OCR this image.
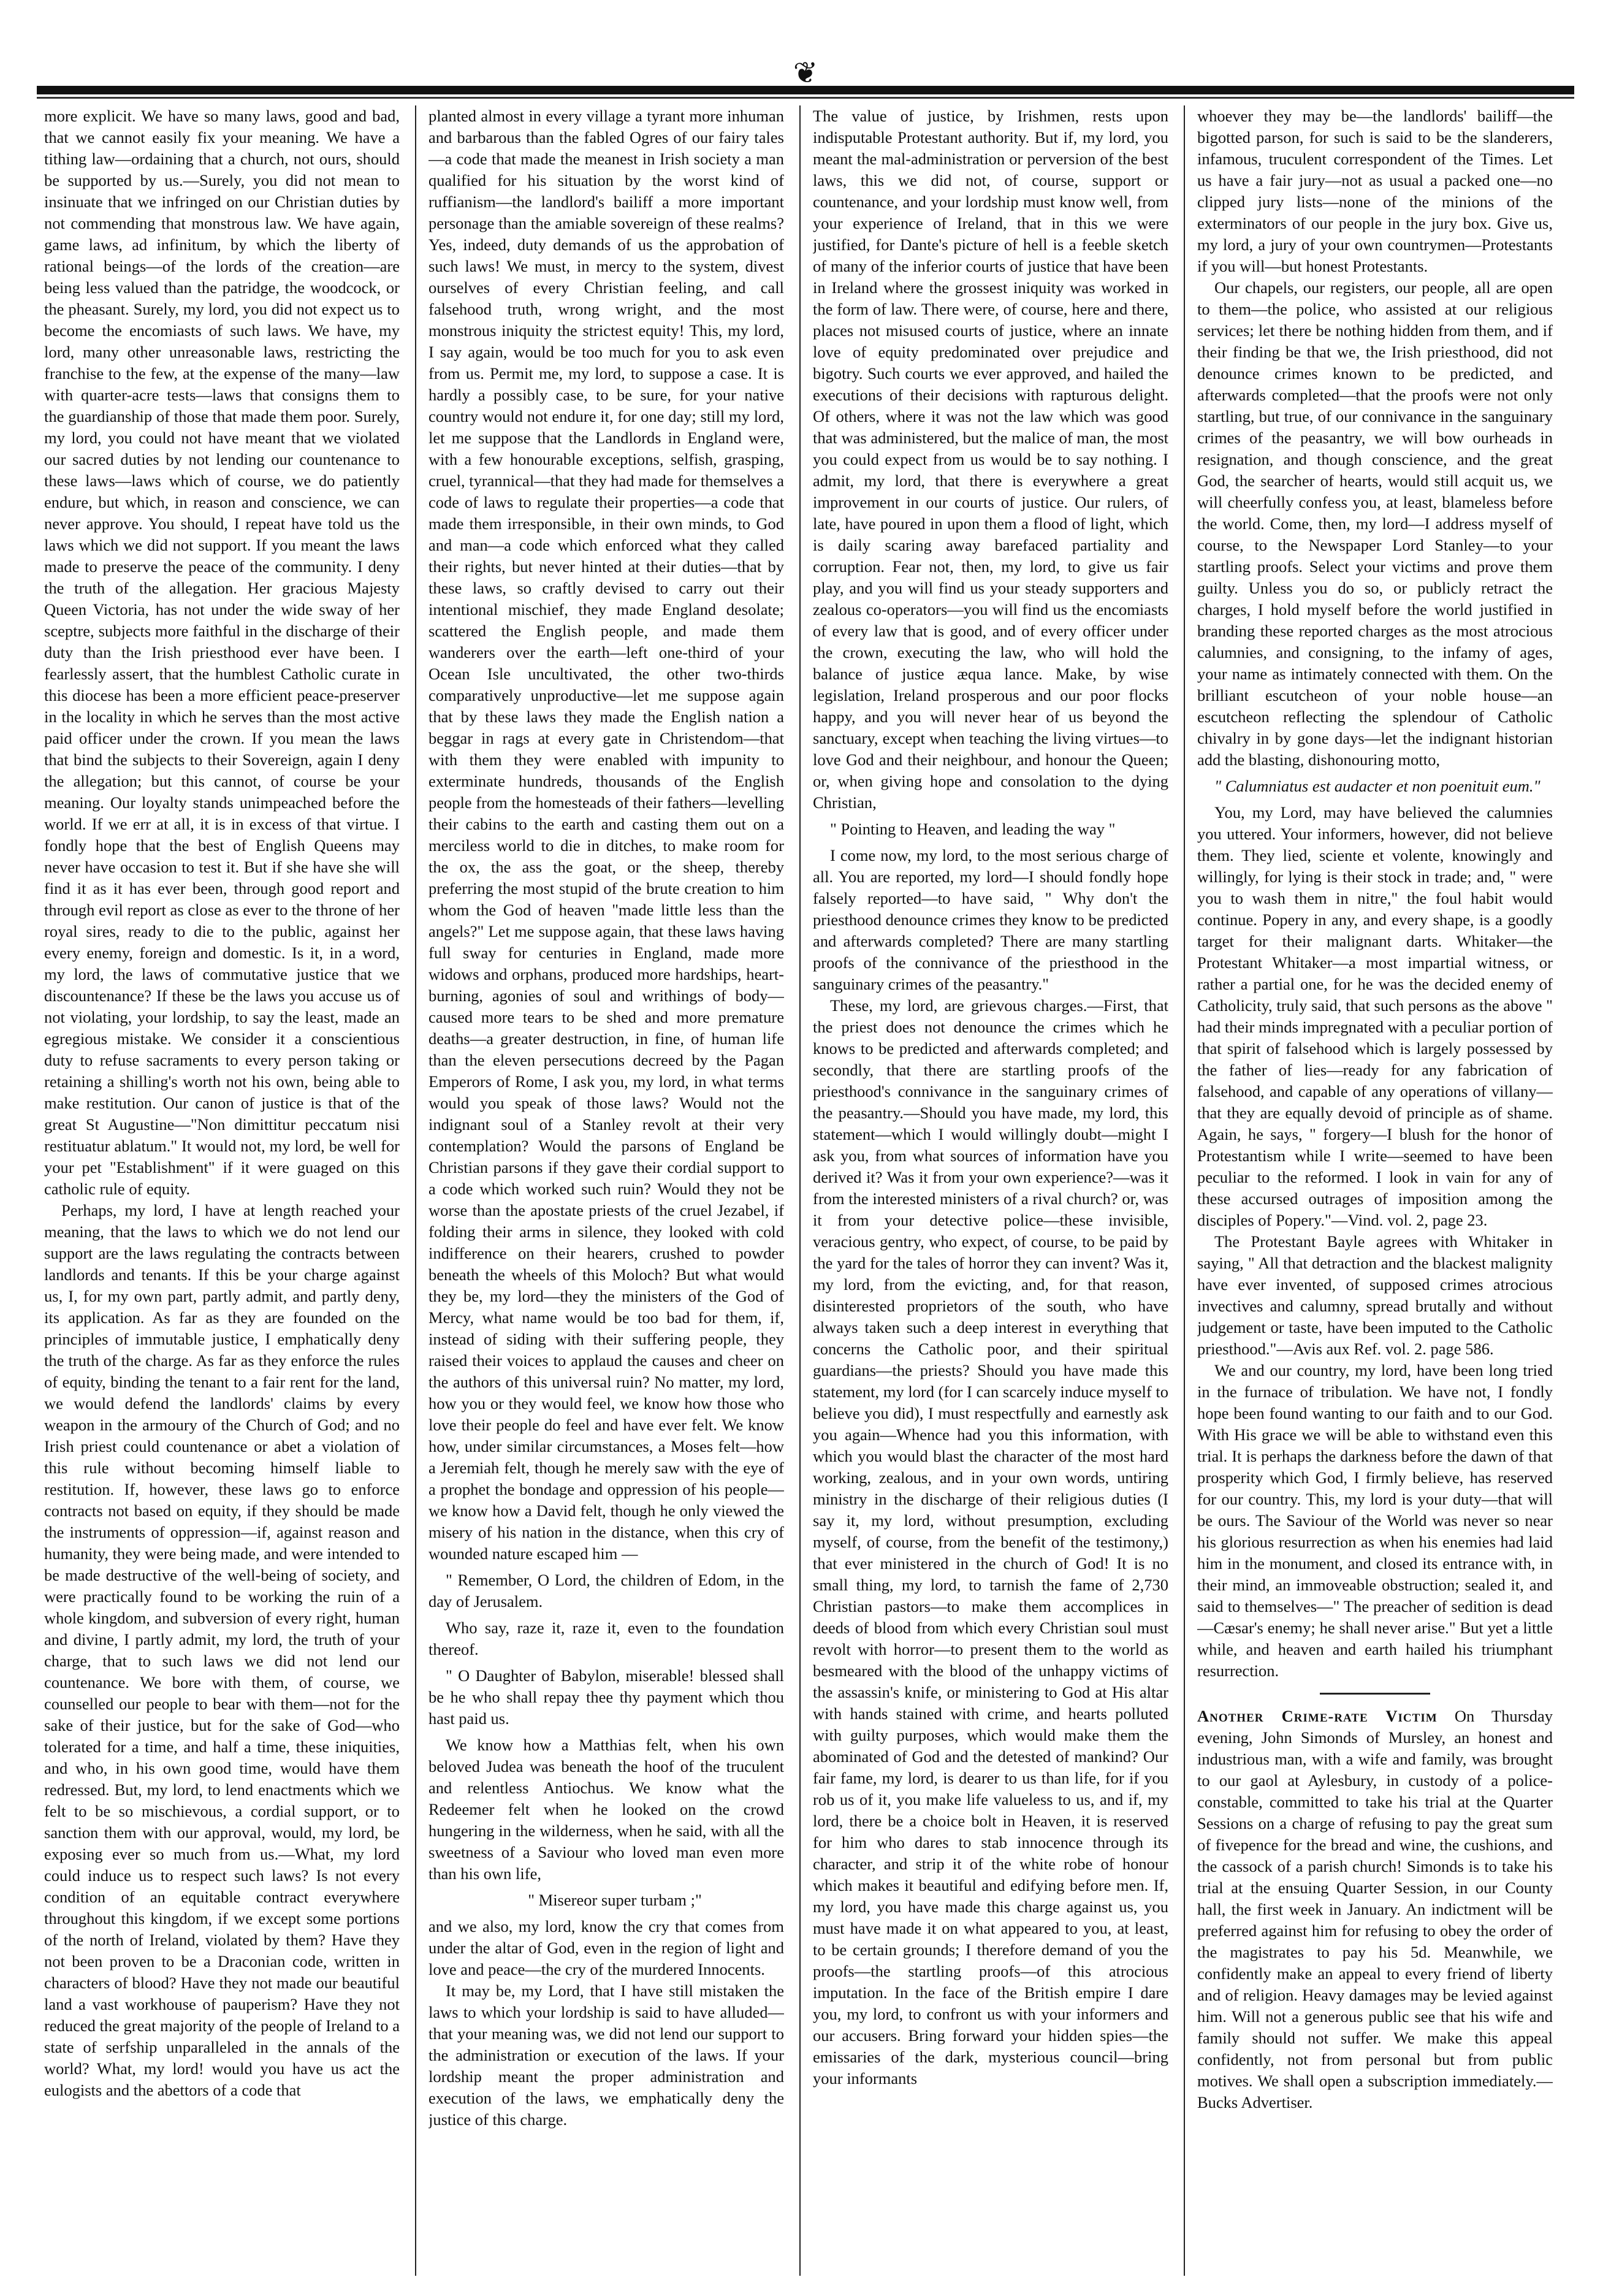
❦

more explicit. We have so many laws, good and bad, that we cannot easily fix your meaning. We have a tithing law—ordaining that a church, not ours, should be supported by us.—Surely, you did not mean to insinuate that we infringed on our Christian duties by not commending that monstrous law. We have again, game laws, ad infinitum, by which the liberty of rational beings—of the lords of the creation—are being less valued than the patridge, the woodcock, or the pheasant. Surely, my lord, you did not expect us to become the encomiasts of such laws. We have, my lord, many other unreasonable laws, restricting the franchise to the few, at the expense of the many—law with quarter-acre tests—laws that consigns them to the guardianship of those that made them poor. Surely, my lord, you could not have meant that we violated our sacred duties by not lending our countenance to these laws—laws which of course, we do patiently endure, but which, in reason and conscience, we can never approve. You should, I repeat have told us the laws which we did not support. If you meant the laws made to preserve the peace of the community. I deny the truth of the allegation. Her gracious Majesty Queen Victoria, has not under the wide sway of her sceptre, subjects more faithful in the discharge of their duty than the Irish priesthood ever have been. I fearlessly assert, that the humblest Catholic curate in this diocese has been a more efficient peace-preserver in the locality in which he serves than the most active paid officer under the crown. If you mean the laws that bind the subjects to their Sovereign, again I deny the allegation; but this cannot, of course be your meaning. Our loyalty stands unimpeached before the world. If we err at all, it is in excess of that virtue. I fondly hope that the best of English Queens may never have occasion to test it. But if she have she will find it as it has ever been, through good report and through evil report as close as ever to the throne of her royal sires, ready to die to the public, against her every enemy, foreign and domestic. Is it, in a word, my lord, the laws of commutative justice that we discountenance? If these be the laws you accuse us of not violating, your lordship, to say the least, made an egregious mistake. We consider it a conscientious duty to refuse sacraments to every person taking or retaining a shilling's worth not his own, being able to make restitution. Our canon of justice is that of the great St Augustine—"Non dimittitur peccatum nisi restituatur ablatum." It would not, my lord, be well for your pet "Establishment" if it were guaged on this catholic rule of equity.

Perhaps, my lord, I have at length reached your meaning, that the laws to which we do not lend our support are the laws regulating the contracts between landlords and tenants. If this be your charge against us, I, for my own part, partly admit, and partly deny, its application. As far as they are founded on the principles of immutable justice, I emphatically deny the truth of the charge. As far as they enforce the rules of equity, binding the tenant to a fair rent for the land, we would defend the landlords' claims by every weapon in the armoury of the Church of God; and no Irish priest could countenance or abet a violation of this rule without becoming himself liable to restitution. If, however, these laws go to enforce contracts not based on equity, if they should be made the instruments of oppression—if, against reason and humanity, they were being made, and were intended to be made destructive of the well-being of society, and were practically found to be working the ruin of a whole kingdom, and subversion of every right, human and divine, I partly admit, my lord, the truth of your charge, that to such laws we did not lend our countenance. We bore with them, of course, we counselled our people to bear with them—not for the sake of their justice, but for the sake of God—who tolerated for a time, and half a time, these iniquities, and who, in his own good time, would have them redressed. But, my lord, to lend enactments which we felt to be so mischievous, a cordial support, or to sanction them with our approval, would, my lord, be exposing ever so much from us.—What, my lord could induce us to respect such laws? Is not every condition of an equitable contract everywhere throughout this kingdom, if we except some portions of the north of Ireland, violated by them? Have they not been proven to be a Draconian code, written in characters of blood? Have they not made our beautiful land a vast workhouse of pauperism? Have they not reduced the great majority of the people of Ireland to a state of serfship unparalleled in the annals of the world? What, my lord! would you have us act the eulogists and the abettors of a code that

planted almost in every village a tyrant more inhuman and barbarous than the fabled Ogres of our fairy tales—a code that made the meanest in Irish society a man qualified for his situation by the worst kind of ruffianism—the landlord's bailiff a more important personage than the amiable sovereign of these realms? Yes, indeed, duty demands of us the approbation of such laws! We must, in mercy to the system, divest ourselves of every Christian feeling, and call falsehood truth, wrong wright, and the most monstrous iniquity the strictest equity! This, my lord, I say again, would be too much for you to ask even from us. Permit me, my lord, to suppose a case. It is hardly a possibly case, to be sure, for your native country would not endure it, for one day; still my lord, let me suppose that the Landlords in England were, with a few honourable exceptions, selfish, grasping, cruel, tyrannical—that they had made for themselves a code of laws to regulate their properties—a code that made them irresponsible, in their own minds, to God and man—a code which enforced what they called their rights, but never hinted at their duties—that by these laws, so craftly devised to carry out their intentional mischief, they made England desolate; scattered the English people, and made them wanderers over the earth—left one-third of your Ocean Isle uncultivated, the other two-thirds comparatively unproductive—let me suppose again that by these laws they made the English nation a beggar in rags at every gate in Christendom—that with them they were enabled with impunity to exterminate hundreds, thousands of the English people from the homesteads of their fathers—levelling their cabins to the earth and casting them out on a merciless world to die in ditches, to make room for the ox, the ass the goat, or the sheep, thereby preferring the most stupid of the brute creation to him whom the God of heaven "made little less than the angels?" Let me suppose again, that these laws having full sway for centuries in England, made more widows and orphans, produced more hardships, heart-burning, agonies of soul and writhings of body—caused more tears to be shed and more premature deaths—a greater destruction, in fine, of human life than the eleven persecutions decreed by the Pagan Emperors of Rome, I ask you, my lord, in what terms would you speak of those laws? Would not the indignant soul of a Stanley revolt at their very contemplation? Would the parsons of England be Christian parsons if they gave their cordial support to a code which worked such ruin? Would they not be worse than the apostate priests of the cruel Jezabel, if folding their arms in silence, they looked with cold indifference on their hearers, crushed to powder beneath the wheels of this Moloch? But what would they be, my lord—they the ministers of the God of Mercy, what name would be too bad for them, if, instead of siding with their suffering people, they raised their voices to applaud the causes and cheer on the authors of this universal ruin? No matter, my lord, how you or they would feel, we know how those who love their people do feel and have ever felt. We know how, under similar circumstances, a Moses felt—how a Jeremiah felt, though he merely saw with the eye of a prophet the bondage and oppression of his people—we know how a David felt, though he only viewed the misery of his nation in the distance, when this cry of wounded nature escaped him —

" Remember, O Lord, the children of Edom, in the day of Jerusalem.

Who say, raze it, raze it, even to the foundation thereof.

" O Daughter of Babylon, miserable! blessed shall be he who shall repay thee thy payment which thou hast paid us.

We know how a Matthias felt, when his own beloved Judea was beneath the hoof of the truculent and relentless Antiochus. We know what the Redeemer felt when he looked on the crowd hungering in the wilderness, when he said, with all the sweetness of a Saviour who loved man even more than his own life,

" Misereor super turbam ;"

and we also, my lord, know the cry that comes from under the altar of God, even in the region of light and love and peace—the cry of the murdered Innocents.

It may be, my Lord, that I have still mistaken the laws to which your lordship is said to have alluded—that your meaning was, we did not lend our support to the administration or execution of the laws. If your lordship meant the proper administration and execution of the laws, we emphatically deny the justice of this charge.

The value of justice, by Irishmen, rests upon indisputable Protestant authority. But if, my lord, you meant the mal-administration or perversion of the best laws, this we did not, of course, support or countenance, and your lordship must know well, from your experience of Ireland, that in this we were justified, for Dante's picture of hell is a feeble sketch of many of the inferior courts of justice that have been in Ireland where the grossest iniquity was worked in the form of law. There were, of course, here and there, places not misused courts of justice, where an innate love of equity predominated over prejudice and bigotry. Such courts we ever approved, and hailed the executions of their decisions with rapturous delight. Of others, where it was not the law which was good that was administered, but the malice of man, the most you could expect from us would be to say nothing. I admit, my lord, that there is everywhere a great improvement in our courts of justice. Our rulers, of late, have poured in upon them a flood of light, which is daily scaring away barefaced partiality and corruption. Fear not, then, my lord, to give us fair play, and you will find us your steady supporters and zealous co-operators—you will find us the encomiasts of every law that is good, and of every officer under the crown, executing the law, who will hold the balance of justice æqua lance. Make, by wise legislation, Ireland prosperous and our poor flocks happy, and you will never hear of us beyond the sanctuary, except when teaching the living virtues—to love God and their neighbour, and honour the Queen; or, when giving hope and consolation to the dying Christian,

" Pointing to Heaven, and leading the way "

I come now, my lord, to the most serious charge of all. You are reported, my lord—I should fondly hope falsely reported—to have said, " Why don't the priesthood denounce crimes they know to be predicted and afterwards completed? There are many startling proofs of the connivance of the priesthood in the sanguinary crimes of the peasantry."

These, my lord, are grievous charges.—First, that the priest does not denounce the crimes which he knows to be predicted and afterwards completed; and secondly, that there are startling proofs of the priesthood's connivance in the sanguinary crimes of the peasantry.—Should you have made, my lord, this statement—which I would willingly doubt—might I ask you, from what sources of information have you derived it? Was it from your own experience?—was it from the interested ministers of a rival church? or, was it from your detective police—these invisible, veracious gentry, who expect, of course, to be paid by the yard for the tales of horror they can invent? Was it, my lord, from the evicting, and, for that reason, disinterested proprietors of the south, who have always taken such a deep interest in everything that concerns the Catholic poor, and their spiritual guardians—the priests? Should you have made this statement, my lord (for I can scarcely induce myself to believe you did), I must respectfully and earnestly ask you again—Whence had you this information, with which you would blast the character of the most hard working, zealous, and in your own words, untiring ministry in the discharge of their religious duties (I say it, my lord, without presumption, excluding myself, of course, from the benefit of the testimony,) that ever ministered in the church of God! It is no small thing, my lord, to tarnish the fame of 2,730 Christian pastors—to make them accomplices in deeds of blood from which every Christian soul must revolt with horror—to present them to the world as besmeared with the blood of the unhappy victims of the assassin's knife, or ministering to God at His altar with hands stained with crime, and hearts polluted with guilty purposes, which would make them the abominated of God and the detested of mankind? Our fair fame, my lord, is dearer to us than life, for if you rob us of it, you make life valueless to us, and if, my lord, there be a choice bolt in Heaven, it is reserved for him who dares to stab innocence through its character, and strip it of the white robe of honour which makes it beautiful and edifying before men. If, my lord, you have made this charge against us, you must have made it on what appeared to you, at least, to be certain grounds; I therefore demand of you the proofs—the startling proofs—of this atrocious imputation. In the face of the British empire I dare you, my lord, to confront us with your informers and our accusers. Bring forward your hidden spies—the emissaries of the dark, mysterious council—bring your informants

whoever they may be—the landlords' bailiff—the bigotted parson, for such is said to be the slanderers, infamous, truculent correspondent of the Times. Let us have a fair jury—not as usual a packed one—no clipped jury lists—none of the minions of the exterminators of our people in the jury box. Give us, my lord, a jury of your own countrymen—Protestants if you will—but honest Protestants.

Our chapels, our registers, our people, all are open to them—the police, who assisted at our religious services; let there be nothing hidden from them, and if their finding be that we, the Irish priesthood, did not denounce crimes known to be predicted, and afterwards completed—that the proofs were not only startling, but true, of our connivance in the sanguinary crimes of the peasantry, we will bow ourheads in resignation, and though conscience, and the great God, the searcher of hearts, would still acquit us, we will cheerfully confess you, at least, blameless before the world. Come, then, my lord—I address myself of course, to the Newspaper Lord Stanley—to your startling proofs. Select your victims and prove them guilty. Unless you do so, or publicly retract the charges, I hold myself before the world justified in branding these reported charges as the most atrocious calumnies, and consigning, to the infamy of ages, your name as intimately connected with them. On the brilliant escutcheon of your noble house—an escutcheon reflecting the splendour of Catholic chivalry in by gone days—let the indignant historian add the blasting, dishonouring motto,

" Calumniatus est audacter et non poenituit eum."

You, my Lord, may have believed the calumnies you uttered. Your informers, however, did not believe them. They lied, sciente et volente, knowingly and willingly, for lying is their stock in trade; and, " were you to wash them in nitre," the foul habit would continue. Popery in any, and every shape, is a goodly target for their malignant darts. Whitaker—the Protestant Whitaker—a most impartial witness, or rather a partial one, for he was the decided enemy of Catholicity, truly said, that such persons as the above " had their minds impregnated with a peculiar portion of that spirit of falsehood which is largely possessed by the father of lies—ready for any fabrication of falsehood, and capable of any operations of villany—that they are equally devoid of principle as of shame. Again, he says, " forgery—I blush for the honor of Protestantism while I write—seemed to have been peculiar to the reformed. I look in vain for any of these accursed outrages of imposition among the disciples of Popery."—Vind. vol. 2, page 23.

The Protestant Bayle agrees with Whitaker in saying, " All that detraction and the blackest malignity have ever invented, of supposed crimes atrocious invectives and calumny, spread brutally and without judgement or taste, have been imputed to the Catholic priesthood."—Avis aux Ref. vol. 2. page 586.

We and our country, my lord, have been long tried in the furnace of tribulation. We have not, I fondly hope been found wanting to our faith and to our God. With His grace we will be able to withstand even this trial. It is perhaps the darkness before the dawn of that prosperity which God, I firmly believe, has reserved for our country. This, my lord is your duty—that will be ours. The Saviour of the World was never so near his glorious resurrection as when his enemies had laid him in the monument, and closed its entrance with, in their mind, an immoveable obstruction; sealed it, and said to themselves—" The preacher of sedition is dead—Cæsar's enemy; he shall never arise." But yet a little while, and heaven and earth hailed his triumphant resurrection.

Another Crime-rate Victim On Thursday evening, John Simonds of Mursley, an honest and industrious man, with a wife and family, was brought to our gaol at Aylesbury, in custody of a police-constable, committed to take his trial at the Quarter Sessions on a charge of refusing to pay the great sum of fivepence for the bread and wine, the cushions, and the cassock of a parish church! Simonds is to take his trial at the ensuing Quarter Session, in our County hall, the first week in January. An indictment will be preferred against him for refusing to obey the order of the magistrates to pay his 5d. Meanwhile, we confidently make an appeal to every friend of liberty and of religion. Heavy damages may be levied against him. Will not a generous public see that his wife and family should not suffer. We make this appeal confidently, not from personal but from public motives. We shall open a subscription immediately.—Bucks Advertiser.
